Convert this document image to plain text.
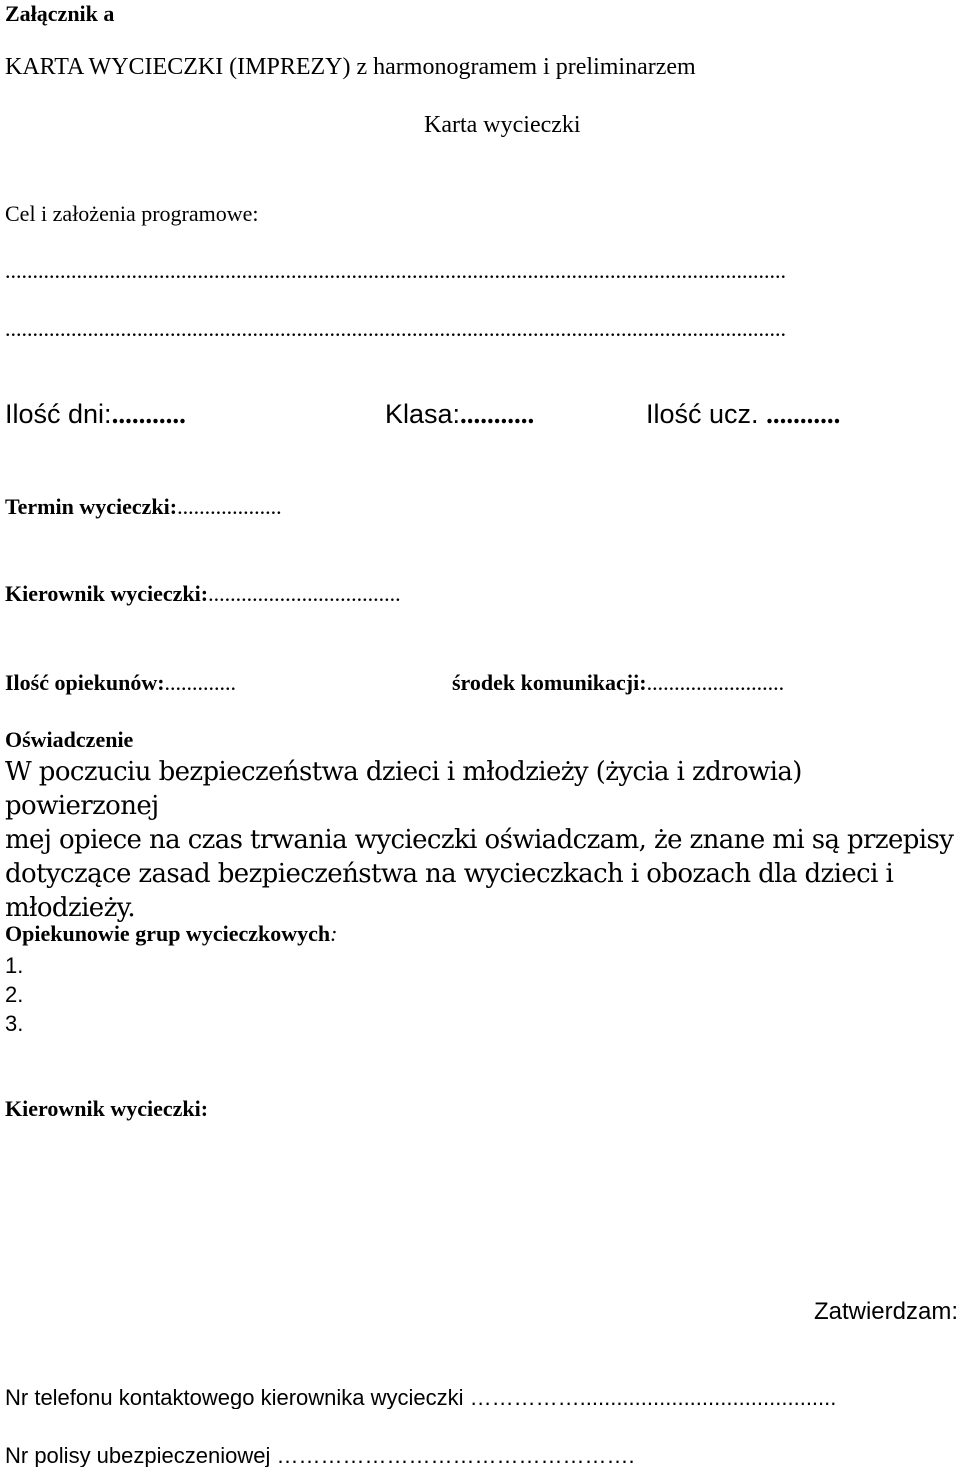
Załącznik a
KARTA WYCIECZKI (IMPREZY) z harmonogramem i preliminarzem
Karta wycieczki
Cel i założenia programowe:
..............................................................................................................................................
..............................................................................................................................................
Ilość dni:...........	Klasa:...........	Ilość ucz. ...........
Termin wycieczki:...................
Kierownik wycieczki:...................................
Ilość opiekunów:.............	środek komunikacji:.........................
Oświadczenie
W poczuciu bezpieczeństwa dzieci i młodzieży (życia i zdrowia) powierzonej
mej opiece na czas trwania wycieczki oświadczam, że znane mi są przepisy
dotyczące zasad bezpieczeństwa na wycieczkach i obozach dla dzieci i
młodzieży.
Opiekunowie grup wycieczkowych:
1.
2.
3.
Kierownik wycieczki:
Zatwierdzam:
Nr telefonu kontaktowego kierownika wycieczki ……………..........................................
Nr polisy ubezpieczeniowej ………………………………………….
